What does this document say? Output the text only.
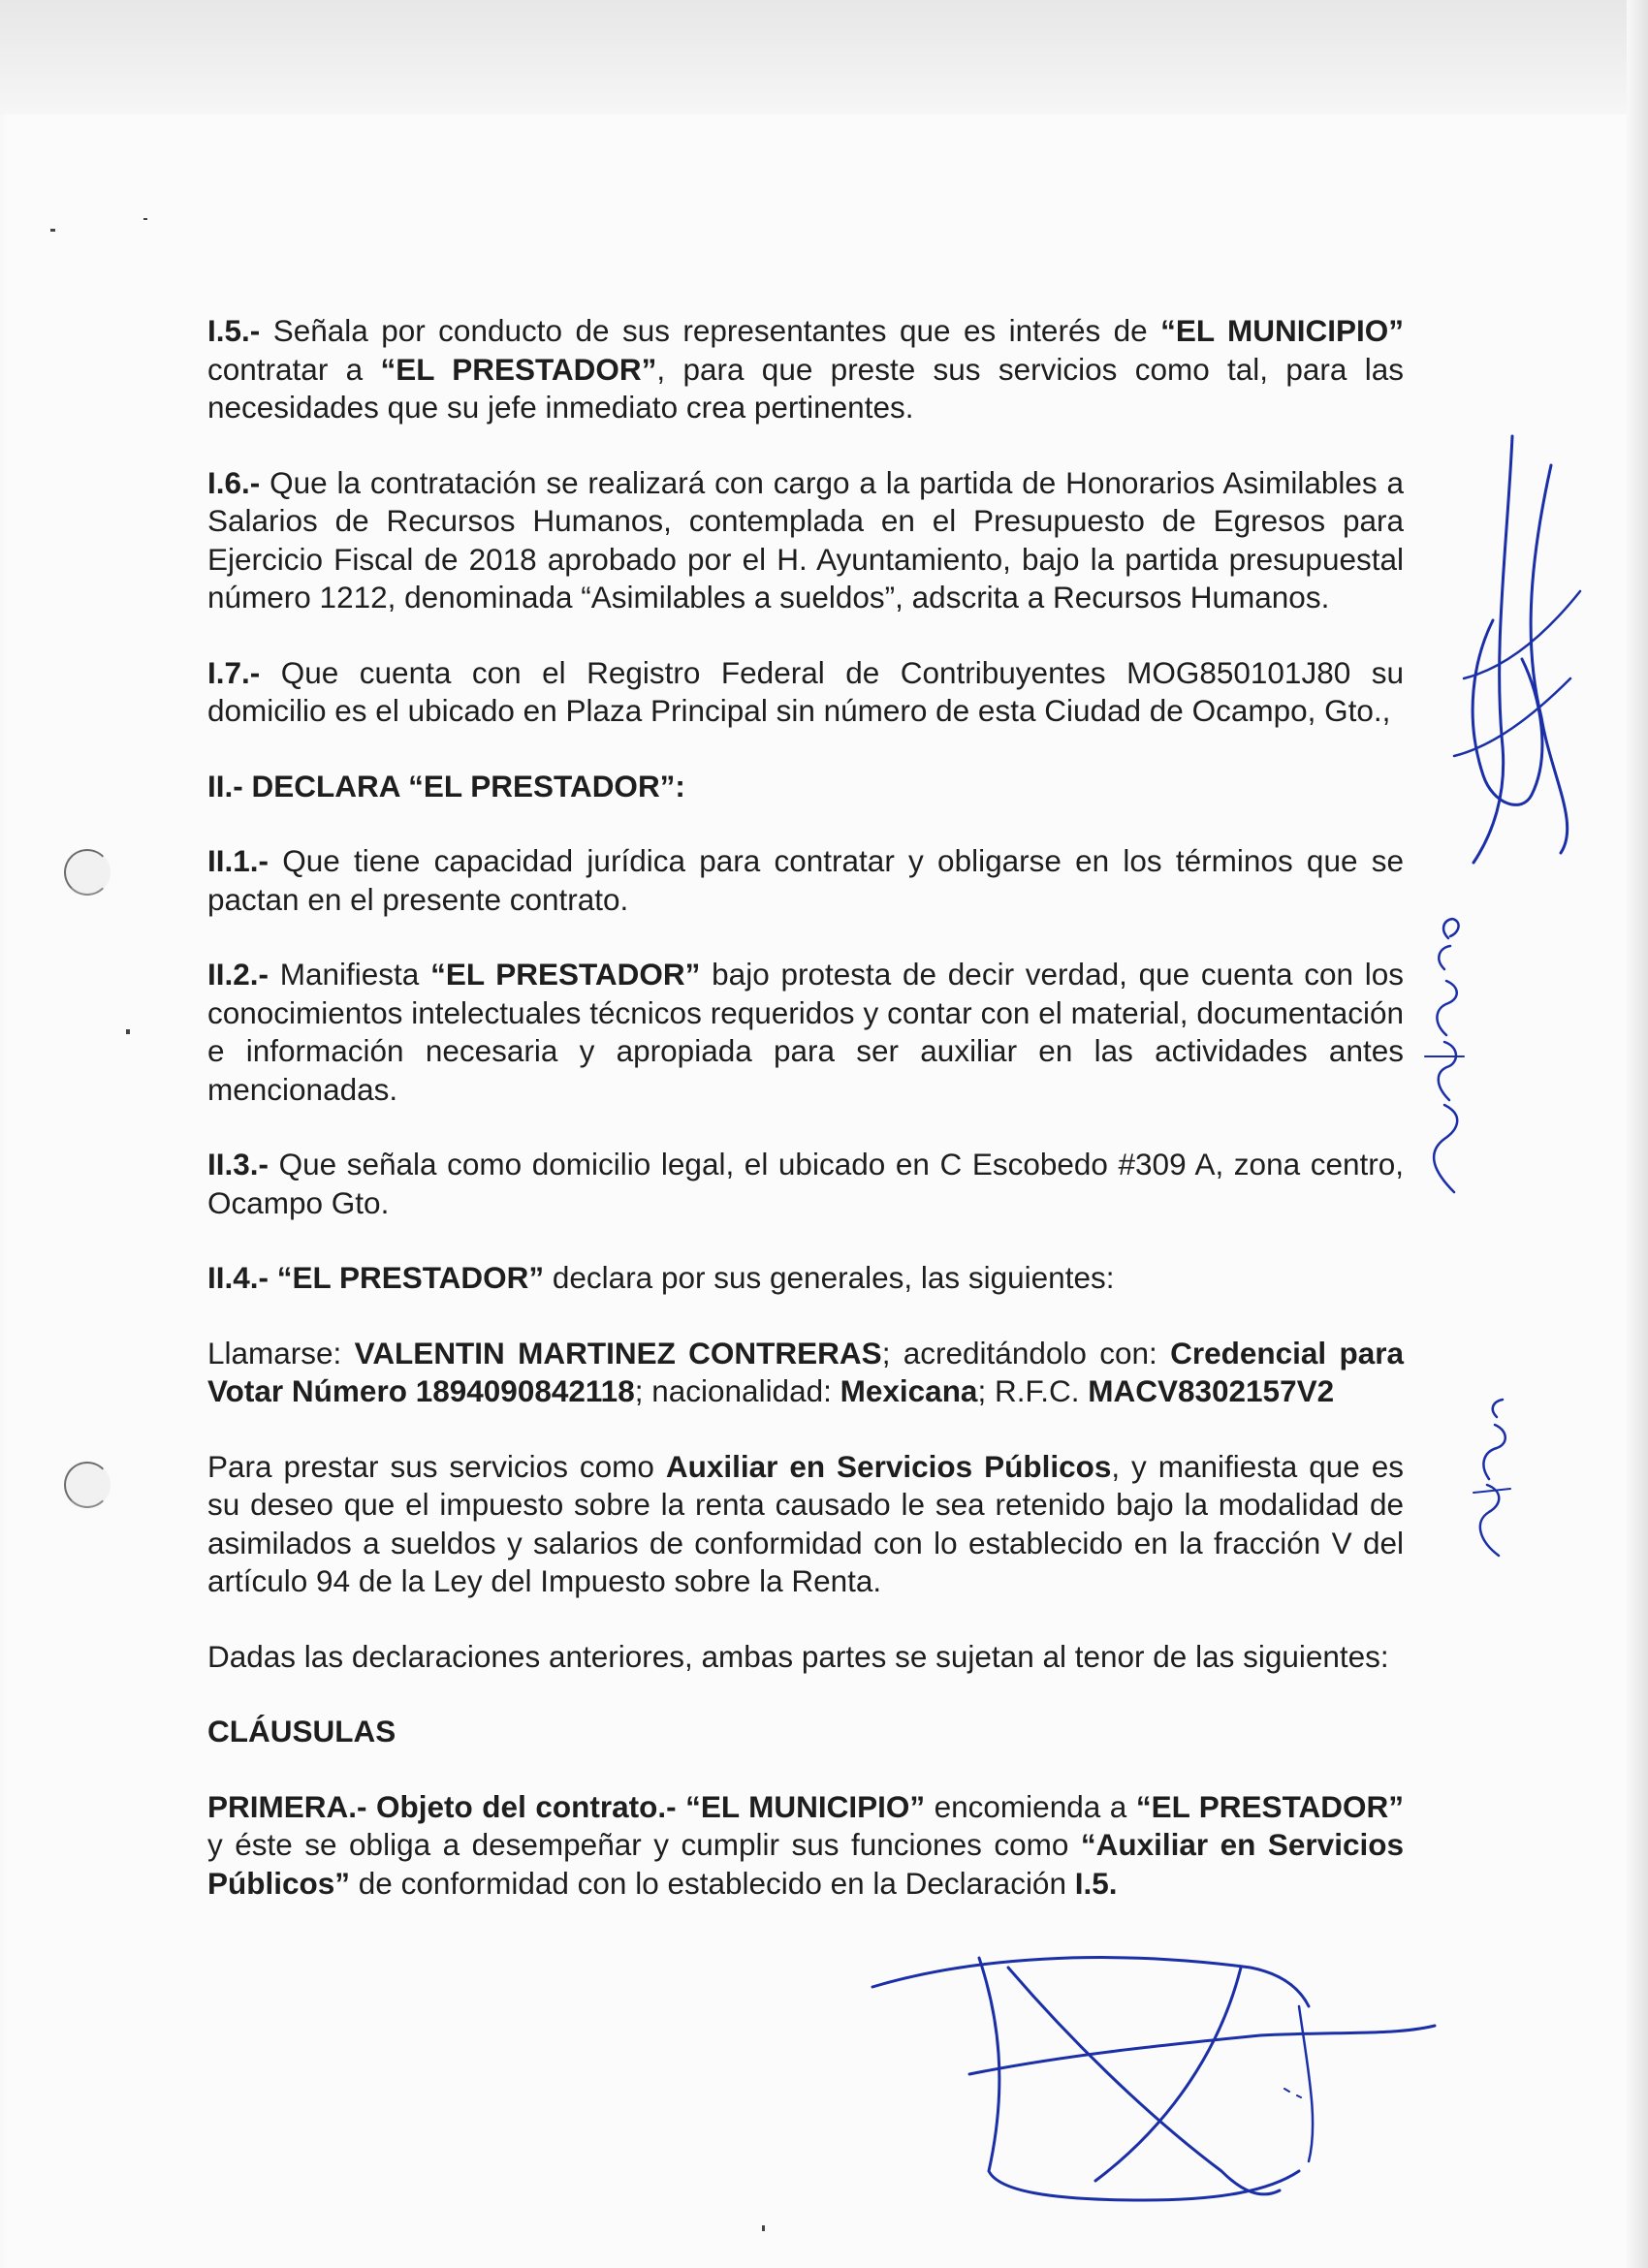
I.5.- Señala por conducto de sus representantes que es interés de “EL MUNICIPIO” contratar a “EL PRESTADOR”, para que preste sus servicios como tal, para las necesidades que su jefe inmediato crea pertinentes.

I.6.- Que la contratación se realizará con cargo a la partida de Honorarios Asimilables a Salarios de Recursos Humanos, contemplada en el Presupuesto de Egresos para Ejercicio Fiscal de 2018 aprobado por el H. Ayuntamiento, bajo la partida presupuestal número 1212, denominada “Asimilables a sueldos”, adscrita a Recursos Humanos.

I.7.- Que cuenta con el Registro Federal de Contribuyentes MOG850101J80 su domicilio es el ubicado en Plaza Principal sin número de esta Ciudad de Ocampo, Gto.,

II.- DECLARA “EL PRESTADOR”:

II.1.- Que tiene capacidad jurídica para contratar y obligarse en los términos que se pactan en el presente contrato.

II.2.- Manifiesta “EL PRESTADOR” bajo protesta de decir verdad, que cuenta con los conocimientos intelectuales técnicos requeridos y contar con el material, documentación e información necesaria y apropiada para ser auxiliar en las actividades antes mencionadas.

II.3.- Que señala como domicilio legal, el ubicado en C Escobedo #309 A, zona centro, Ocampo Gto.

II.4.- “EL PRESTADOR” declara por sus generales, las siguientes:

Llamarse: VALENTIN MARTINEZ CONTRERAS; acreditándolo con: Credencial para Votar Número 1894090842118; nacionalidad: Mexicana; R.F.C. MACV8302157V2

Para prestar sus servicios como Auxiliar en Servicios Públicos, y manifiesta que es su deseo que el impuesto sobre la renta causado le sea retenido bajo la modalidad de asimilados a sueldos y salarios de conformidad con lo establecido en la fracción V del artículo 94 de la Ley del Impuesto sobre la Renta.

Dadas las declaraciones anteriores, ambas partes se sujetan al tenor de las siguientes:

CLÁUSULAS

PRIMERA.- Objeto del contrato.- “EL MUNICIPIO” encomienda a “EL PRESTADOR” y éste se obliga a desempeñar y cumplir sus funciones como “Auxiliar en Servicios Públicos” de conformidad con lo establecido en la Declaración I.5.
